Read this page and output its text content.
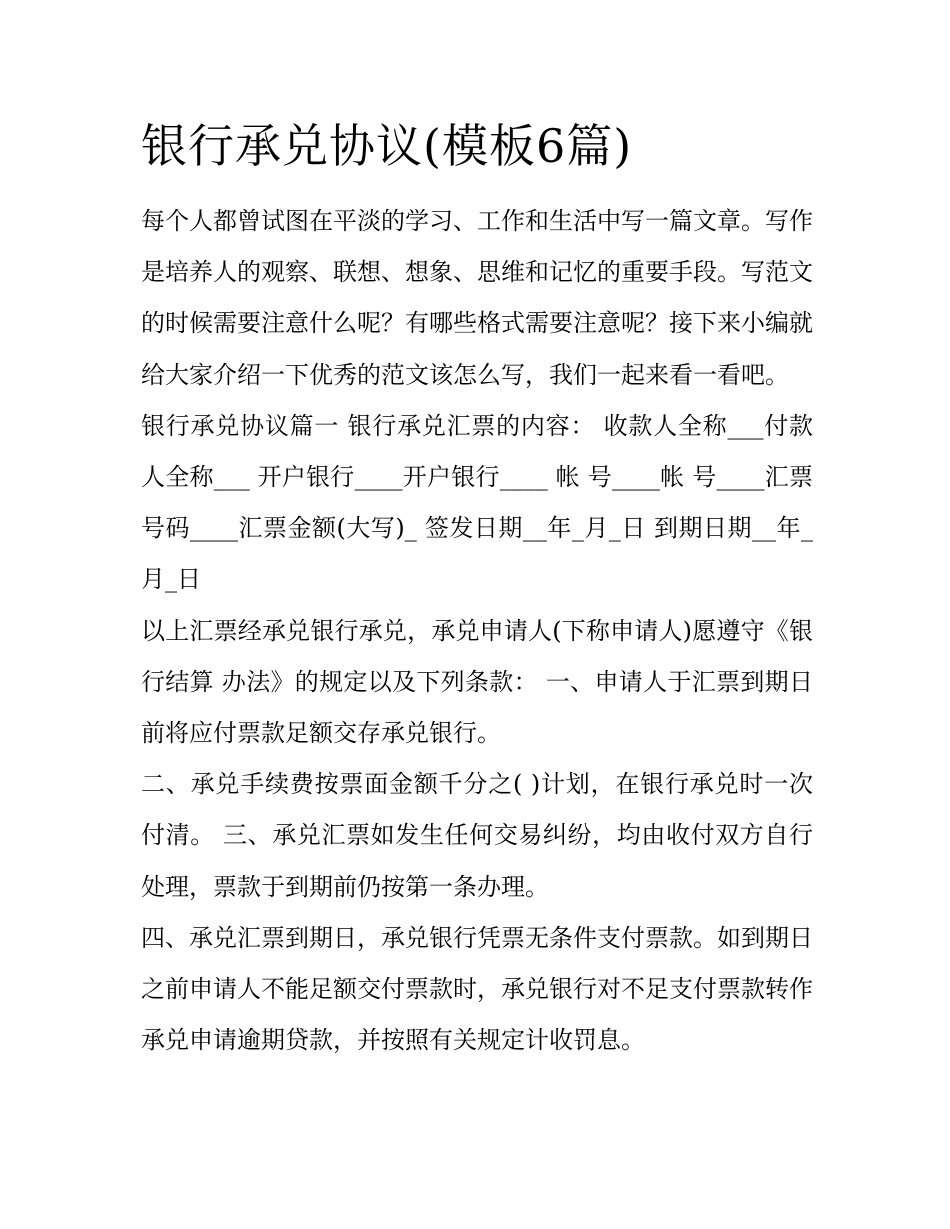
银行承兑协议(模板6篇)

每个人都曾试图在平淡的学习、工作和生活中写一篇文章。写作是培养人的观察、联想、想象、思维和记忆的重要手段。写范文的时候需要注意什么呢？有哪些格式需要注意呢？接下来小编就给大家介绍一下优秀的范文该怎么写，我们一起来看一看吧。

银行承兑协议篇一 银行承兑汇票的内容： 收款人全称___付款人全称___ 开户银行____开户银行____ 帐 号____帐 号____汇票号码____汇票金额(大写)_ 签发日期__年_月_日 到期日期__年_月_日

以上汇票经承兑银行承兑，承兑申请人(下称申请人)愿遵守《银行结算 办法》的规定以及下列条款： 一、申请人于汇票到期日前将应付票款足额交存承兑银行。

二、承兑手续费按票面金额千分之( )计划，在银行承兑时一次付清。 三、承兑汇票如发生任何交易纠纷，均由收付双方自行处理，票款于到期前仍按第一条办理。

四、承兑汇票到期日，承兑银行凭票无条件支付票款。如到期日之前申请人不能足额交付票款时，承兑银行对不足支付票款转作承兑申请逾期贷款，并按照有关规定计收罚息。
